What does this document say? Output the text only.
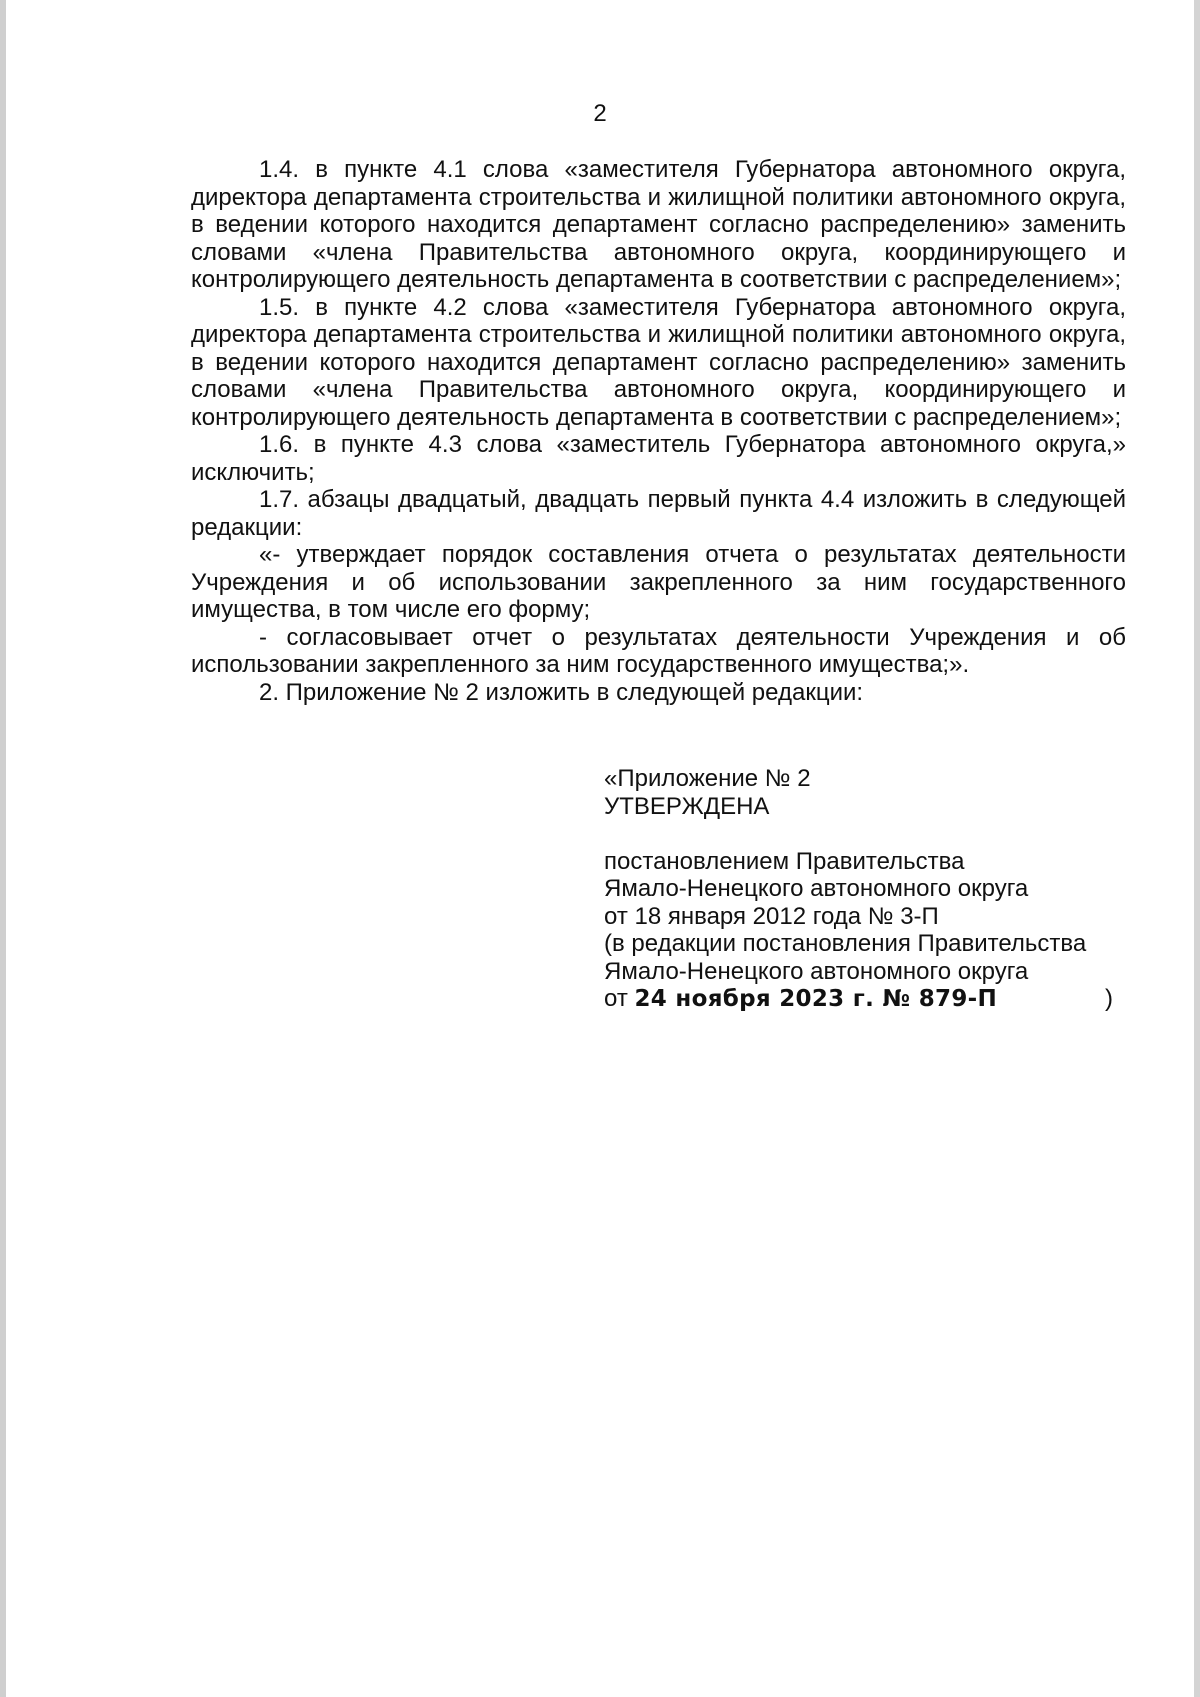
2

1.4. в пункте 4.1 слова «заместителя Губернатора автономного округа, директора департамента строительства и жилищной политики автономного округа, в ведении которого находится департамент согласно распределению» заменить словами «члена Правительства автономного округа, координирующего и контролирующего деятельность департамента в соответствии с распределением»;

1.5. в пункте 4.2 слова «заместителя Губернатора автономного округа, директора департамента строительства и жилищной политики автономного округа, в ведении которого находится департамент согласно распределению» заменить словами «члена Правительства автономного округа, координирующего и контролирующего деятельность департамента в соответствии с распределением»;

1.6. в пункте 4.3 слова «заместитель Губернатора автономного округа,» исключить;

1.7. абзацы двадцатый, двадцать первый пункта 4.4 изложить в следующей редакции:

«- утверждает порядок составления отчета о результатах деятельности Учреждения и об использовании закрепленного за ним государственного имущества, в том числе его форму;

- согласовывает отчет о результатах деятельности Учреждения и об использовании закрепленного за ним государственного имущества;».

2. Приложение № 2 изложить в следующей редакции:

«Приложение № 2
УТВЕРЖДЕНА
постановлением Правительства
Ямало-Ненецкого автономного округа
от 18 января 2012 года № 3-П
(в редакции постановления Правительства
Ямало-Ненецкого автономного округа
от 24 ноября 2023 г. № 879-П	)
